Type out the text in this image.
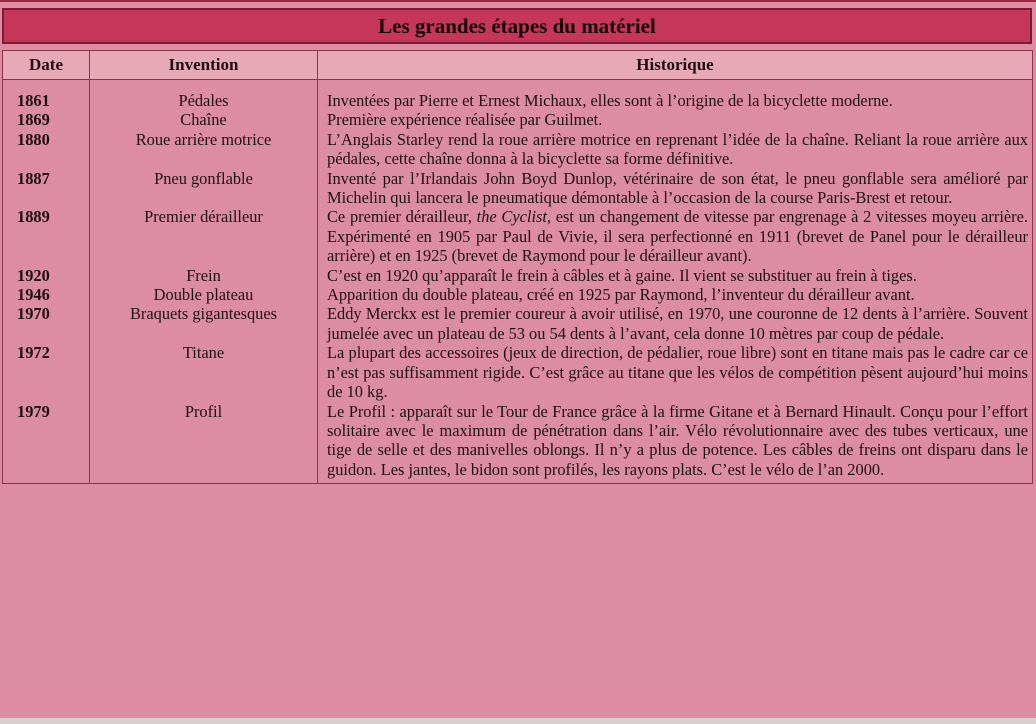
Les grandes étapes du matériel
Date	Invention	Historique

1861	Pédales	Inventées par Pierre et Ernest Michaux, elles sont à l’origine de la bicyclette moderne.
1869	Chaîne	Première expérience réalisée par Guilmet.
1880	Roue arrière motrice	L’Anglais Starley rend la roue arrière motrice en reprenant l’idée de la chaîne. Reliant la roue arrière aux pédales, cette chaîne donna à la bicyclette sa forme définitive.
1887	Pneu gonflable	Inventé par l’Irlandais John Boyd Dunlop, vétérinaire de son état, le pneu gonflable sera amélioré par Michelin qui lancera le pneumatique démontable à l’occasion de la course Paris-Brest et retour.
1889	Premier dérailleur	Ce premier dérailleur, the Cyclist, est un changement de vitesse par engrenage à 2 vitesses moyeu arrière. Expérimenté en 1905 par Paul de Vivie, il sera perfectionné en 1911 (brevet de Panel pour le dérailleur arrière) et en 1925 (brevet de Raymond pour le dérailleur avant).
1920	Frein	C’est en 1920 qu’apparaît le frein à câbles et à gaine. Il vient se substituer au frein à tiges.
1946	Double plateau	Apparition du double plateau, créé en 1925 par Raymond, l’inventeur du dérailleur avant.
1970	Braquets gigantesques	Eddy Merckx est le premier coureur à avoir utilisé, en 1970, une couronne de 12 dents à l’arrière. Souvent jumelée avec un plateau de 53 ou 54 dents à l’avant, cela donne 10 mètres par coup de pédale.
1972	Titane	La plupart des accessoires (jeux de direction, de pédalier, roue libre) sont en titane mais pas le cadre car ce n’est pas suffisamment rigide. C’est grâce au titane que les vélos de compétition pèsent aujourd’hui moins de 10 kg.
1979	Profil	Le Profil : apparaît sur le Tour de France grâce à la firme Gitane et à Bernard Hinault. Conçu pour l’effort solitaire avec le maximum de pénétration dans l’air. Vélo révolutionnaire avec des tubes verticaux, une tige de selle et des manivelles oblongs. Il n’y a plus de potence. Les câbles de freins ont disparu dans le guidon. Les jantes, le bidon sont profilés, les rayons plats. C’est le vélo de l’an 2000.
